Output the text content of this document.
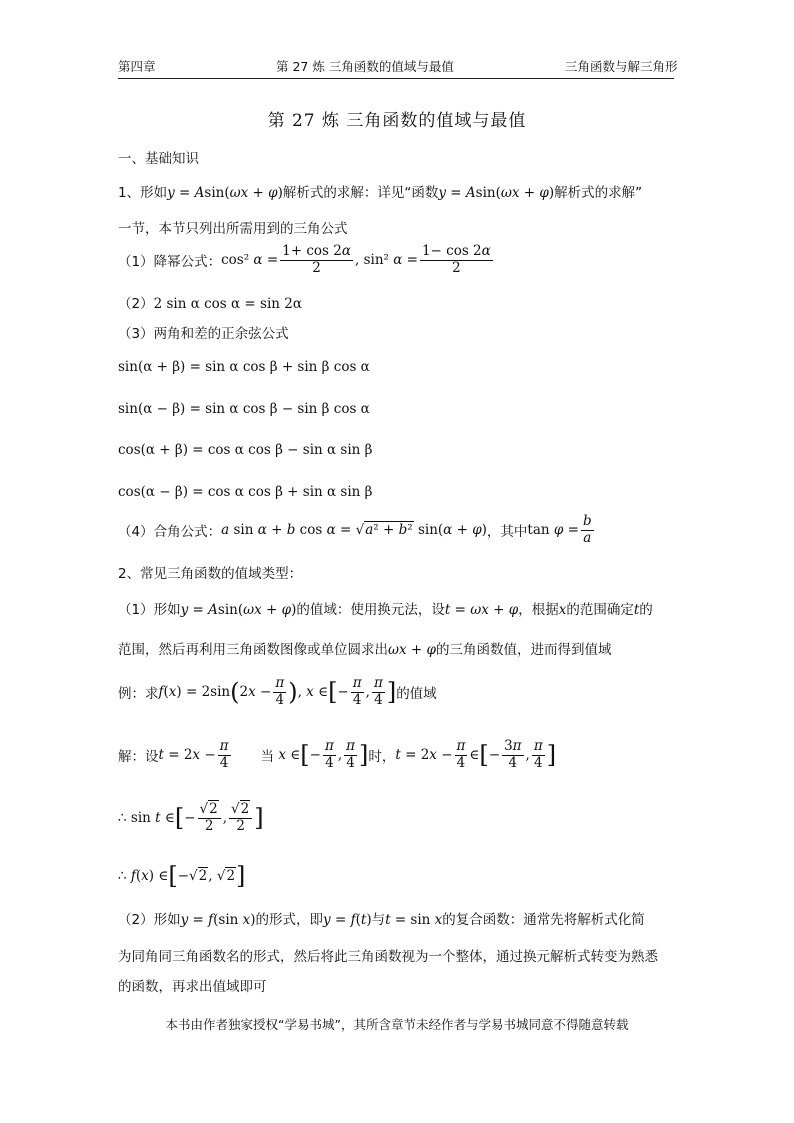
第四章	第 27 炼 三角函数的值域与最值	三角函数与解三角形
第 27 炼 三角函数的值域与最值
一、基础知识
1、形如y = Asin(ωx + φ)解析式的求解：详见“函数y = Asin(ωx + φ)解析式的求解”
一节，本节只列出所需用到的三角公式
（1）降幂公式： cos² $\alpha = \frac{1+ \cos 2\alpha}{2}$ , sin² $\alpha = \frac{1- \cos 2\alpha}{2}$
（2）2 sin α cos α = sin 2α
（3）两角和差的正余弦公式
sin(α + β) = sin α cos β + sin β cos α
sin(α − β) = sin α cos β − sin β cos α
cos(α + β) = cos α cos β − sin α sin β
cos(α − β) = cos α cos β + sin α sin β
（4）合角公式： a sin α + b cos α = √a² + b² sin(α + φ) ，其中 $\tan \varphi = \frac{b}{a}$
2、常见三角函数的值域类型：
（1）形如y = Asin(ωx + φ)的值域：使用换元法，设t = ωx + φ，根据x的范围确定t的
范围，然后再利用三角函数图像或单位圆求出ωx + φ的三角函数值，进而得到值域
例：求 f(x) = 2sin ( $2x - \frac{\pi}{4}$ ) , x ∈ [ − $\frac{\pi}{4}$ , $\frac{\pi}{4}$ ] 的值域
解：设 $t = 2x - \frac{\pi}{4}$ 当 x ∈ [ − $\frac{\pi}{4}$ , $\frac{\pi}{4}$ ] 时， $t = 2x - \frac{\pi}{4}$ ∈ [ − $\frac{3\pi}{4}$ , $\frac{\pi}{4}$ ]
∴ sin t ∈ [ − $\frac{√2}{2}$ , $\frac{√2}{2}$ ]
∴ f(x) ∈ [ −√2, √2 ]
（2）形如y = f(sin x)的形式，即y = f(t)与t = sin x的复合函数：通常先将解析式化简
为同角同三角函数名的形式，然后将此三角函数视为一个整体，通过换元解析式转变为熟悉
的函数，再求出值域即可
本书由作者独家授权“学易书城”，其所含章节未经作者与学易书城同意不得随意转载
